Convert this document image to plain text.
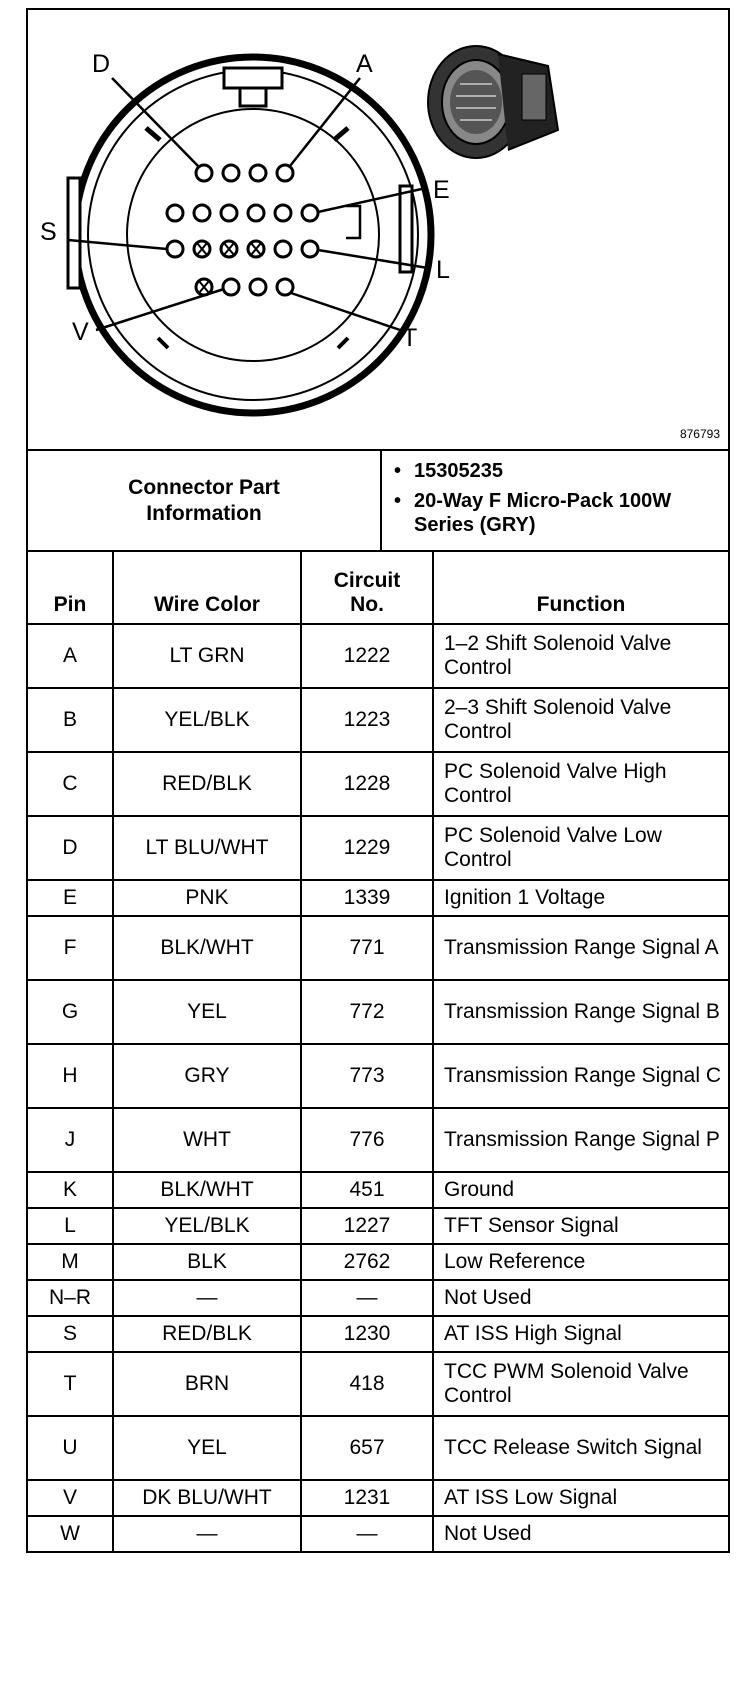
D	A
E
S
L
V	T
876793
Connector Part Information
• 15305235
• 20-Way F Micro-Pack 100W Series (GRY)
Pin	Wire Color	Circuit No.	Function
A	LT GRN	1222	1–2 Shift Solenoid Valve Control
B	YEL/BLK	1223	2–3 Shift Solenoid Valve Control
C	RED/BLK	1228	PC Solenoid Valve High Control
D	LT BLU/WHT	1229	PC Solenoid Valve Low Control
E	PNK	1339	Ignition 1 Voltage
F	BLK/WHT	771	Transmission Range Signal A
G	YEL	772	Transmission Range Signal B
H	GRY	773	Transmission Range Signal C
J	WHT	776	Transmission Range Signal P
K	BLK/WHT	451	Ground
L	YEL/BLK	1227	TFT Sensor Signal
M	BLK	2762	Low Reference
N–R	—	—	Not Used
S	RED/BLK	1230	AT ISS High Signal
T	BRN	418	TCC PWM Solenoid Valve Control
U	YEL	657	TCC Release Switch Signal
V	DK BLU/WHT	1231	AT ISS Low Signal
W	—	—	Not Used
